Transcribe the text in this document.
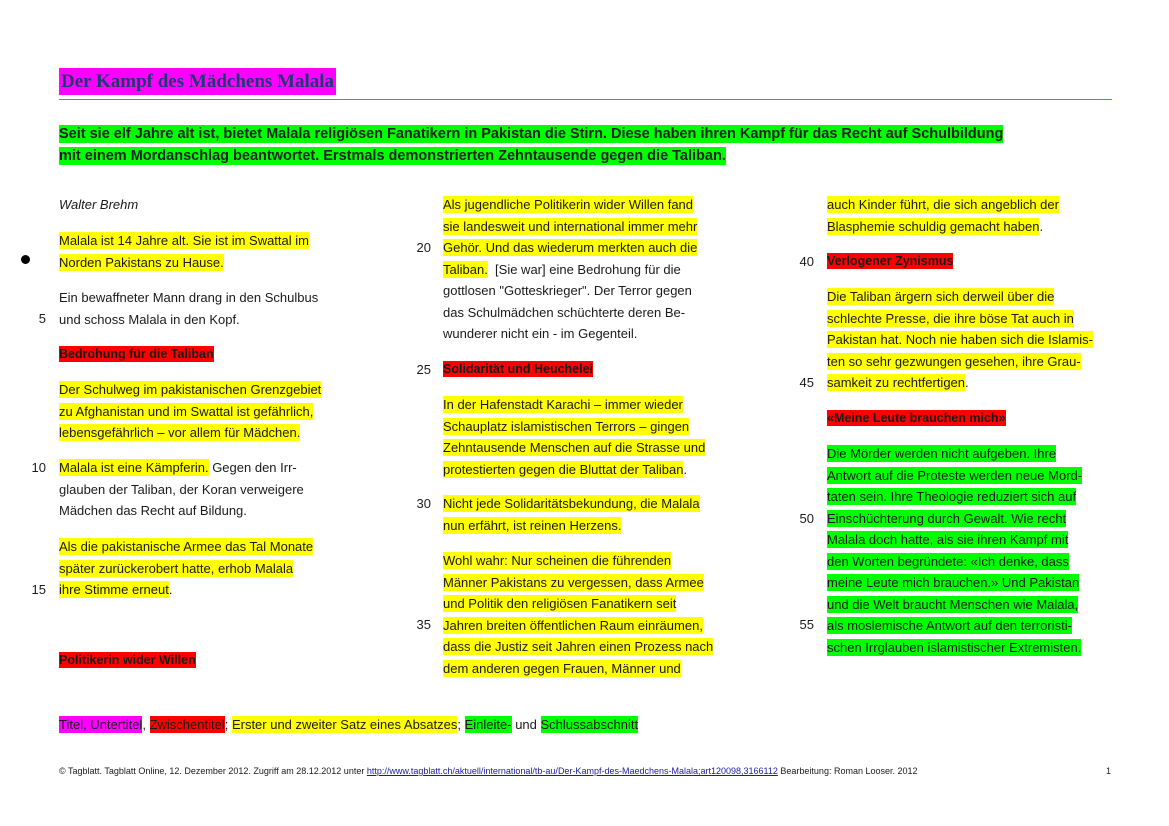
Der Kampf des Mädchens Malala
Seit sie elf Jahre alt ist, bietet Malala religiösen Fanatikern in Pakistan die Stirn. Diese haben ihren Kampf für das Recht auf Schulbildung
mit einem Mordanschlag beantwortet. Erstmals demonstrierten Zehntausende gegen die Taliban.
Walter Brehm
Malala ist 14 Jahre alt. Sie ist im Swattal im
Norden Pakistans zu Hause.
Ein bewaffneter Mann drang in den Schulbus
und schoss Malala in den Kopf.
Bedrohung für die Taliban
Der Schulweg im pakistanischen Grenzgebiet
zu Afghanistan und im Swattal ist gefährlich,
lebensgefährlich – vor allem für Mädchen.
Malala ist eine Kämpferin. Gegen den Irr-
glauben der Taliban, der Koran verweigere
Mädchen das Recht auf Bildung.
Als die pakistanische Armee das Tal Monate
später zurückerobert hatte, erhob Malala
ihre Stimme erneut.
Politikerin wider Willen
5
10
15
Als jugendliche Politikerin wider Willen fand
sie landesweit und international immer mehr
Gehör. Und das wiederum merkten auch die
Taliban. [Sie war] eine Bedrohung für die
gottlosen "Gotteskrieger". Der Terror gegen
das Schulmädchen schüchterte deren Be-
wunderer nicht ein - im Gegenteil.
Solidarität und Heuchelei
In der Hafenstadt Karachi – immer wieder
Schauplatz islamistischen Terrors – gingen
Zehntausende Menschen auf die Strasse und
protestierten gegen die Bluttat der Taliban.
Nicht jede Solidaritätsbekundung, die Malala
nun erfährt, ist reinen Herzens.
Wohl wahr: Nur scheinen die führenden
Männer Pakistans zu vergessen, dass Armee
und Politik den religiösen Fanatikern seit
Jahren breiten öffentlichen Raum einräumen,
dass die Justiz seit Jahren einen Prozess nach
dem anderen gegen Frauen, Männer und
20
25
30
35
auch Kinder führt, die sich angeblich der
Blasphemie schuldig gemacht haben.
Verlogener Zynismus
Die Taliban ärgern sich derweil über die
schlechte Presse, die ihre böse Tat auch in
Pakistan hat. Noch nie haben sich die Islamis-
ten so sehr gezwungen gesehen, ihre Grau-
samkeit zu rechtfertigen.
«Meine Leute brauchen mich»
Die Mörder werden nicht aufgeben. Ihre
Antwort auf die Proteste werden neue Mord-
taten sein. Ihre Theologie reduziert sich auf
Einschüchterung durch Gewalt. Wie recht
Malala doch hatte, als sie ihren Kampf mit
den Worten begründete: «Ich denke, dass
meine Leute mich brauchen.» Und Pakistan
und die Welt braucht Menschen wie Malala,
als moslemische Antwort auf den terroristi-
schen Irrglauben islamistischer Extremisten.
40
45
50
55
Titel, Untertitel, Zwischentitel; Erster und zweiter Satz eines Absatzes; Einleite- und Schlussabschnitt
© Tagblatt. Tagblatt Online, 12. Dezember 2012. Zugriff am 28.12.2012 unter http://www.tagblatt.ch/aktuell/international/tb-au/Der-Kampf-des-Maedchens-Malala;art120098,3166112 Bearbeitung: Roman Looser. 2012	1
